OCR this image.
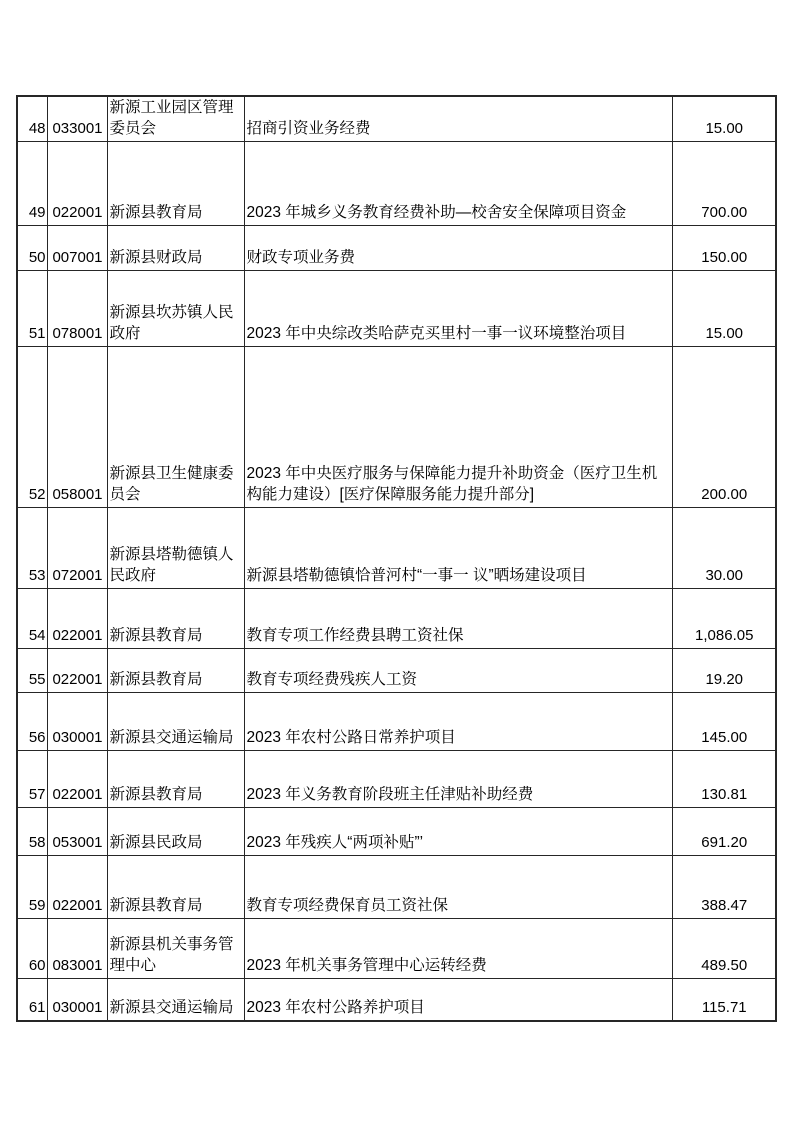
48	033001	新源工业园区管理委员会	招商引资业务经费	15.00
49	022001	新源县教育局	2023 年城乡义务教育经费补助—校舍安全保障项目资金	700.00
50	007001	新源县财政局	财政专项业务费	150.00
51	078001	新源县坎苏镇人民政府	2023 年中央综改类哈萨克买里村一事一议环境整治项目	15.00
52	058001	新源县卫生健康委员会	2023 年中央医疗服务与保障能力提升补助资金（医疗卫生机构能力建设）[医疗保障服务能力提升部分]	200.00
53	072001	新源县塔勒德镇人民政府	新源县塔勒德镇恰普河村“一事一 议”晒场建设项目	30.00
54	022001	新源县教育局	教育专项工作经费县聘工资社保	1,086.05
55	022001	新源县教育局	教育专项经费残疾人工资	19.20
56	030001	新源县交通运输局	2023 年农村公路日常养护项目	145.00
57	022001	新源县教育局	2023 年义务教育阶段班主任津贴补助经费	130.81
58	053001	新源县民政局	2023 年残疾人“两项补贴”’	691.20
59	022001	新源县教育局	教育专项经费保育员工资社保	388.47
60	083001	新源县机关事务管理中心	2023 年机关事务管理中心运转经费	489.50
61	030001	新源县交通运输局	2023 年农村公路养护项目	115.71
